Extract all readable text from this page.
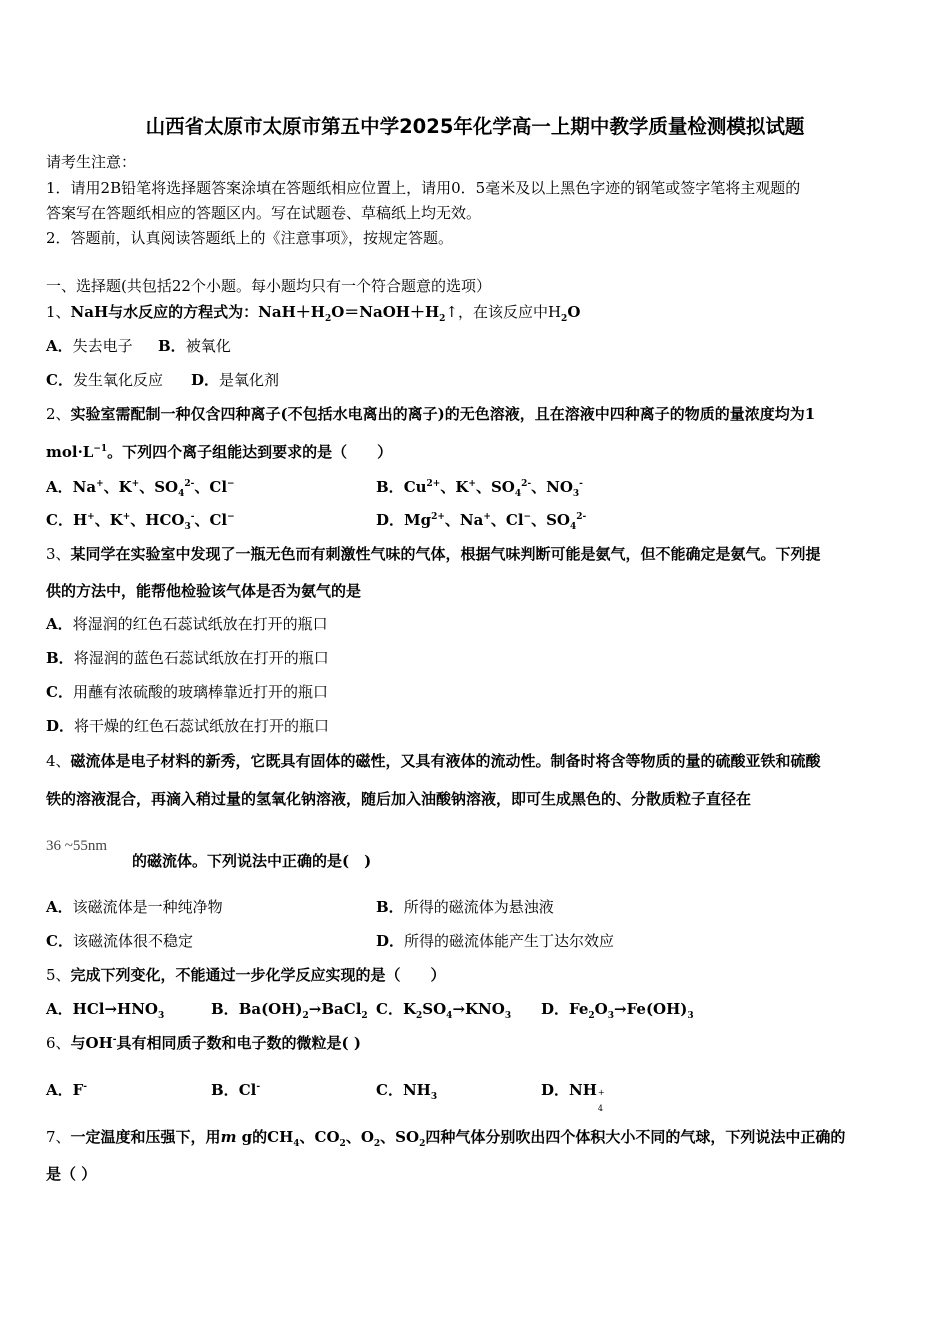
山西省太原市太原市第五中学2025年化学高一上期中教学质量检测模拟试题
请考生注意：
1．请用2B铅笔将选择题答案涂填在答题纸相应位置上，请用0．5毫米及以上黑色字迹的钢笔或签字笔将主观题的
答案写在答题纸相应的答题区内。写在试题卷、草稿纸上均无效。
2．答题前，认真阅读答题纸上的《注意事项》，按规定答题。
一、选择题(共包括22个小题。每小题均只有一个符合题意的选项）
1、NaH与水反应的方程式为：$NaH+H_2O=NaOH+H_2↑$，在该反应中$H_2O$
A．失去电子 B．被氧化
C．发生氧化反应 D．是氧化剂
2、实验室需配制一种仅含四种离子(不包括水电离出的离子)的无色溶液，且在溶液中四种离子的物质的量浓度均为1
$mol\cdot L^{-1}$。下列四个离子组能达到要求的是（　　）
A．Na+、K+、$SO_4^{2-}$、Cl−	B．$Cu^{2+}$、K+、$SO_4^{2-}$、$NO_3^-$
C．H+、K+、$HCO_3^-$、Cl−	D．$Mg^{2+}$、Na+、Cl−、$SO_4^{2-}$
3、某同学在实验室中发现了一瓶无色而有刺激性气味的气体，根据气味判断可能是氨气，但不能确定是氨气。下列提
供的方法中，能帮他检验该气体是否为氨气的是
A．将湿润的红色石蕊试纸放在打开的瓶口
B．将湿润的蓝色石蕊试纸放在打开的瓶口
C．用蘸有浓硫酸的玻璃棒靠近打开的瓶口
D．将干燥的红色石蕊试纸放在打开的瓶口
4、磁流体是电子材料的新秀，它既具有固体的磁性，又具有液体的流动性。制备时将含等物质的量的硫酸亚铁和硫酸
铁的溶液混合，再滴入稍过量的氢氧化钠溶液，随后加入油酸钠溶液，即可生成黑色的、分散质粒子直径在
36 ~55nm
的磁流体。下列说法中正确的是(　)
A．该磁流体是一种纯净物	B．所得的磁流体为悬浊液
C．该磁流体很不稳定	D．所得的磁流体能产生丁达尔效应
5、完成下列变化，不能通过一步化学反应实现的是（　　）
A．$HCl\to HNO_3$	B．$Ba(OH)_2\to BaCl_2$ C．$K_2SO_4\to KNO_3$ D．$Fe_2O_3\to Fe(OH)_3$
6、与OH-具有相同质子数和电子数的微粒是( )
A．F-	B．Cl-	C．$NH_3$	D．NH +
4
7、一定温度和压强下，用m g的$CH_4$、$CO_2$、$O_2$、$SO_2$四种气体分别吹出四个体积大小不同的气球，下列说法中正确的
是（ ）
